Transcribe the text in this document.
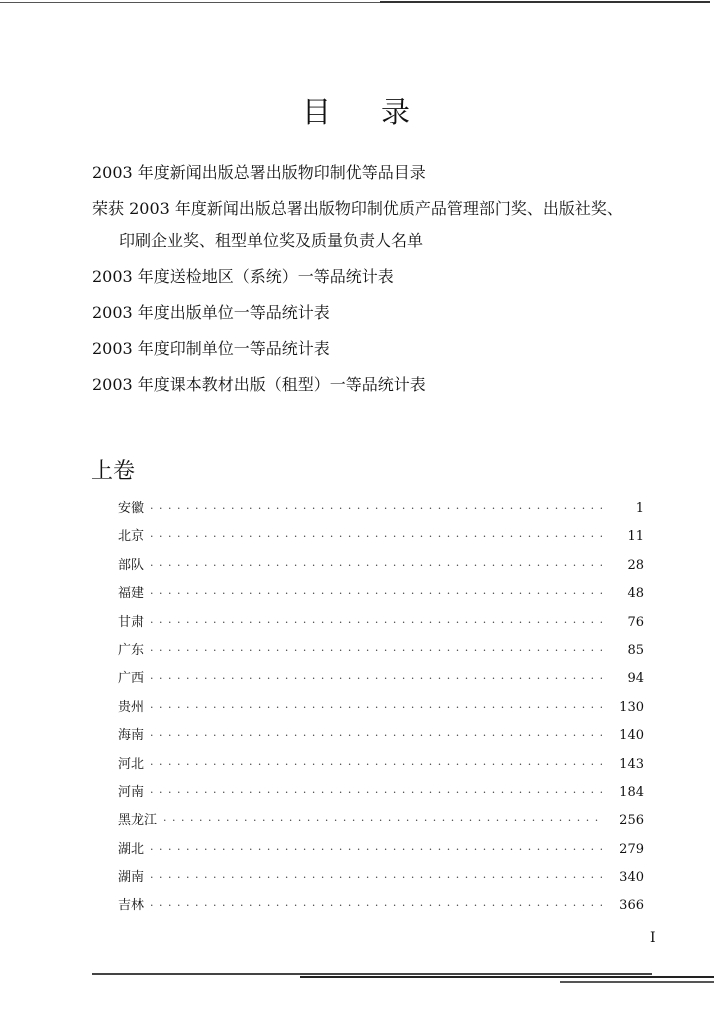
目 录
2003 年度新闻出版总署出版物印制优等品目录
荣获 2003 年度新闻出版总署出版物印制优质产品管理部门奖、出版社奖、
印刷企业奖、租型单位奖及质量负责人名单
2003 年度送检地区（系统）一等品统计表
2003 年度出版单位一等品统计表
2003 年度印制单位一等品统计表
2003 年度课本教材出版（租型）一等品统计表
上卷
安徽 · · ·	1
北京 · · ·	11
部队 · · ·	28
福建 · · ·	48
甘肃 · · ·	76
广东 · · ·	85
广西 · · ·	94
贵州 · · ·	130
海南 · · ·	140
河北 · · ·	143
河南 · · ·	184
黑龙江 · · ·	256
湖北 · · ·	279
湖南 · · ·	340
吉林 · · ·	366
I
